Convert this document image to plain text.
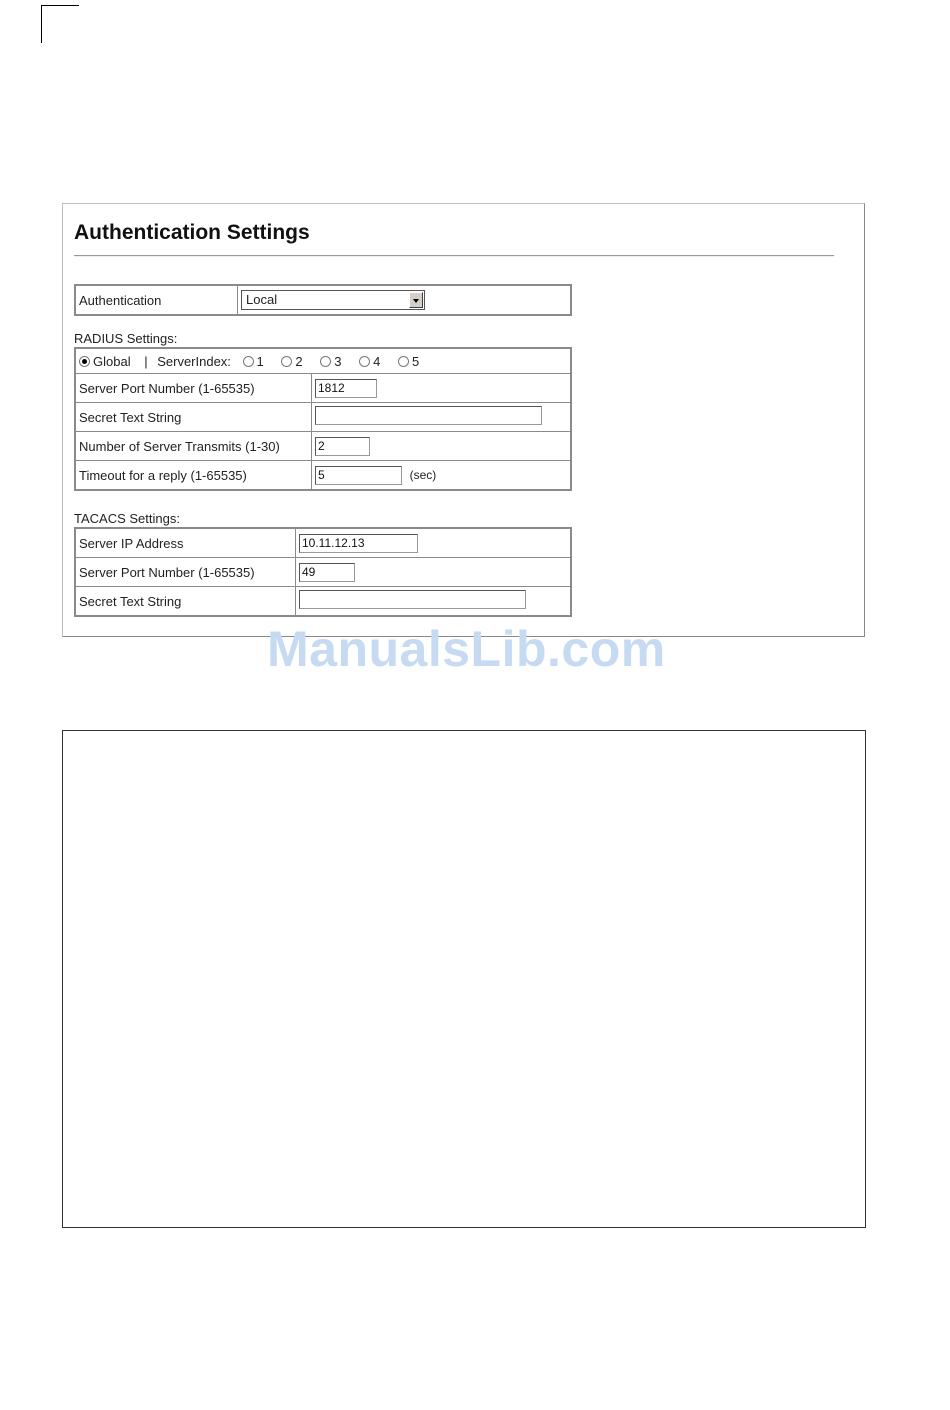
Authentication Settings
Authentication	Local
RADIUS Settings:
Global | ServerIndex: 1 2 3 4 5	
Server Port Number (1-65535)	1812
Secret Text String	
Number of Server Transmits (1-30)	2
Timeout for a reply (1-65535)	5 (sec)
TACACS Settings:
Server IP Address	10.11.12.13
Server Port Number (1-65535)	49
Secret Text String	
ManualsLib.com
